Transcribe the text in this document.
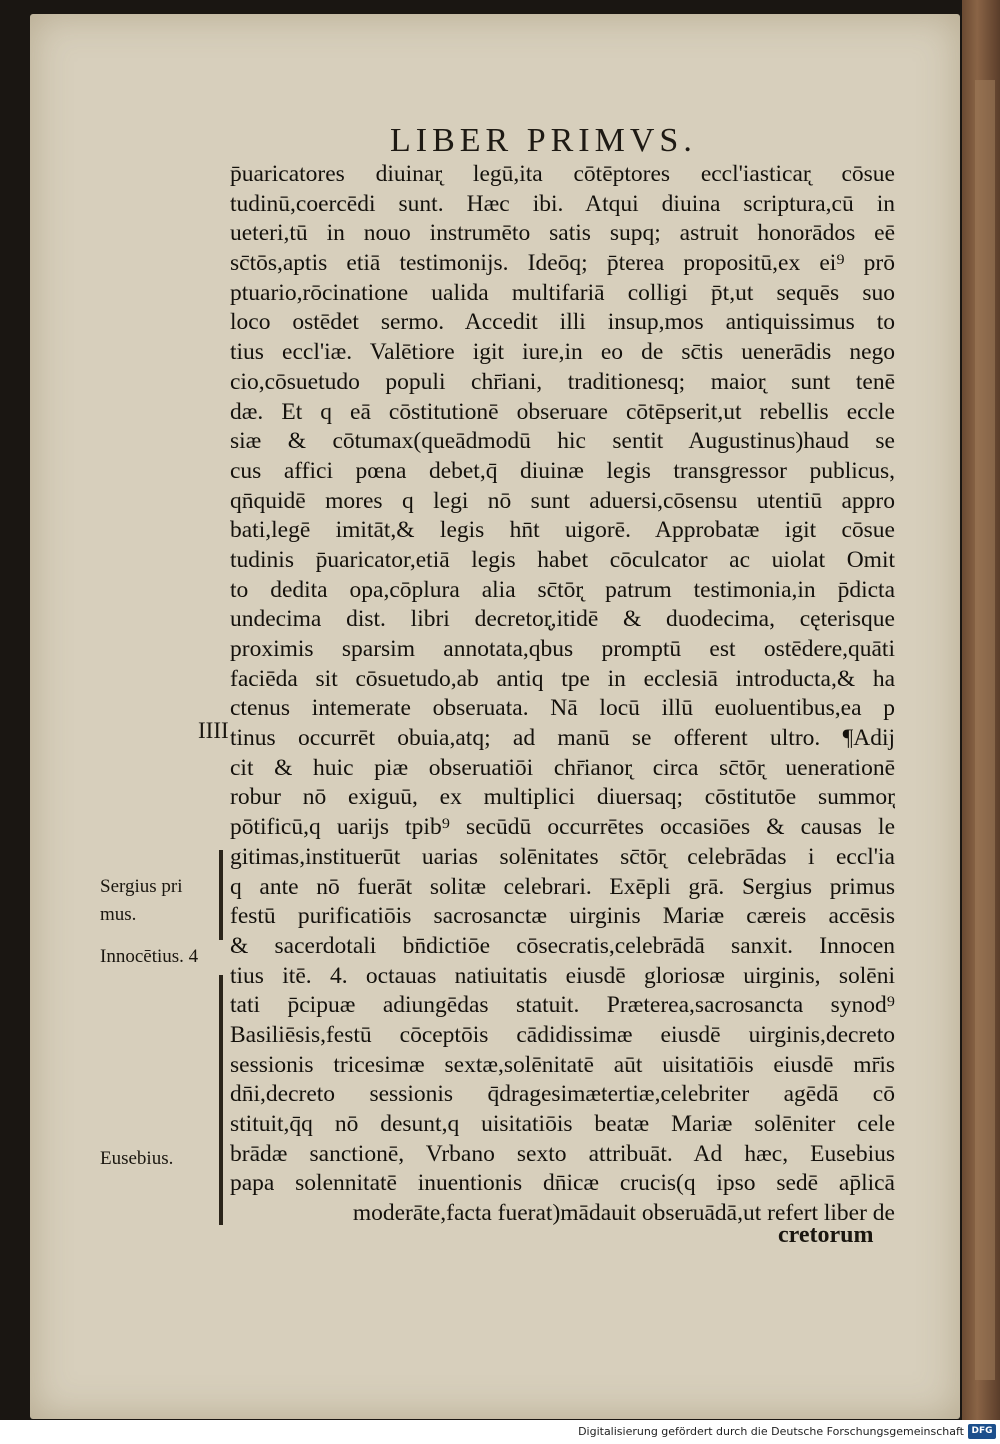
LIBER PRIMVS.
p̄uaricatores diuinar̨ legū,ita cōtēptores eccl'iasticar̨ cōsue
tudinū,coercēdi sunt. Hæc ibi. Atqui diuina scriptura,cū in
ueteri,tū in nouo instrumēto satis supq; astruit honorādos eē
sc̄tōs,aptis etiā testimonijs. Ideōq; p̄terea propositū,ex ei⁹ prō
ptuario,rōcinatione ualida multifariā colligi p̄t,ut sequēs suo
loco ostēdet sermo. Accedit illi insup,mos antiquissimus to
tius eccl'iæ. Valētiore igit iure,in eo de sc̄tis uenerādis nego
cio,cōsuetudo populi chr̄iani, traditionesq; maior̨ sunt tenē
dæ. Et q eā cōstitutionē obseruare cōtēpserit,ut rebellis eccle
siæ & cōtumax(queādmodū hic sentit Augustinus)haud se
cus affici pœna debet,q̄ diuinæ legis transgressor publicus,
qn̄quidē mores q legi nō sunt aduersi,cōsensu utentiū appro
bati,legē imitāt,& legis hn̄t uigorē. Approbatæ igit cōsue
tudinis p̄uaricator,etiā legis habet cōculcator ac uiolat Omit
to dedita opa,cōplura alia sc̄tōr̨ patrum testimonia,in p̄dicta
undecima dist. libri decretor̨,itidē & duodecima, cęterisque
proximis sparsim annotata,qbus promptū est ostēdere,quāti
faciēda sit cōsuetudo,ab antiq tpe in ecclesiā introducta,& ha
ctenus intemerate obseruata. Nā locū illū euoluentibus,ea p
tinus occurrēt obuia,atq; ad manū se offerent ultro. ¶Adij
cit & huic piæ obseruatiōi chr̄ianor̨ circa sc̄tōr̨ uenerationē
robur nō exiguū, ex multiplici diuersaq; cōstitutōe summor̨
pōtificū,q uarijs tpib⁹ secūdū occurrētes occasiōes & causas le
gitimas,instituerūt uarias solēnitates sc̄tōr̨ celebrādas i eccl'ia
q ante nō fuerāt solitæ celebrari. Exēpli grā. Sergius primus
festū purificatiōis sacrosanctæ uirginis Mariæ cæreis accēsis
& sacerdotali bn̄dictiōe cōsecratis,celebrādā sanxit. Innocen
tius itē. 4. octauas natiuitatis eiusdē gloriosæ uirginis, solēni
tati p̄cipuæ adiungēdas statuit. Præterea,sacrosancta synod⁹
Basiliēsis,festū cōceptōis cādidissimæ eiusdē uirginis,decreto
sessionis tricesimæ sextæ,solēnitatē aūt uisitatiōis eiusdē mr̄is
dn̄i,decreto sessionis q̄dragesimætertiæ,celebriter agēdā cō
stituit,q̄q nō desunt,q uisitatiōis beatæ Mariæ solēniter cele
brādæ sanctionē, Vrbano sexto attribuāt. Ad hæc, Eusebius
papa solennitatē inuentionis dn̄icæ crucis(q ipso sedē ap̄licā
moderāte,facta fuerat)mādauit obseruādā,ut refert liber de
IIII
Sergius pri
mus.
Innocētius. 4
Eusebius.
cretorum
Digitalisierung gefördert durch die Deutsche Forschungsgemeinschaft DFG
